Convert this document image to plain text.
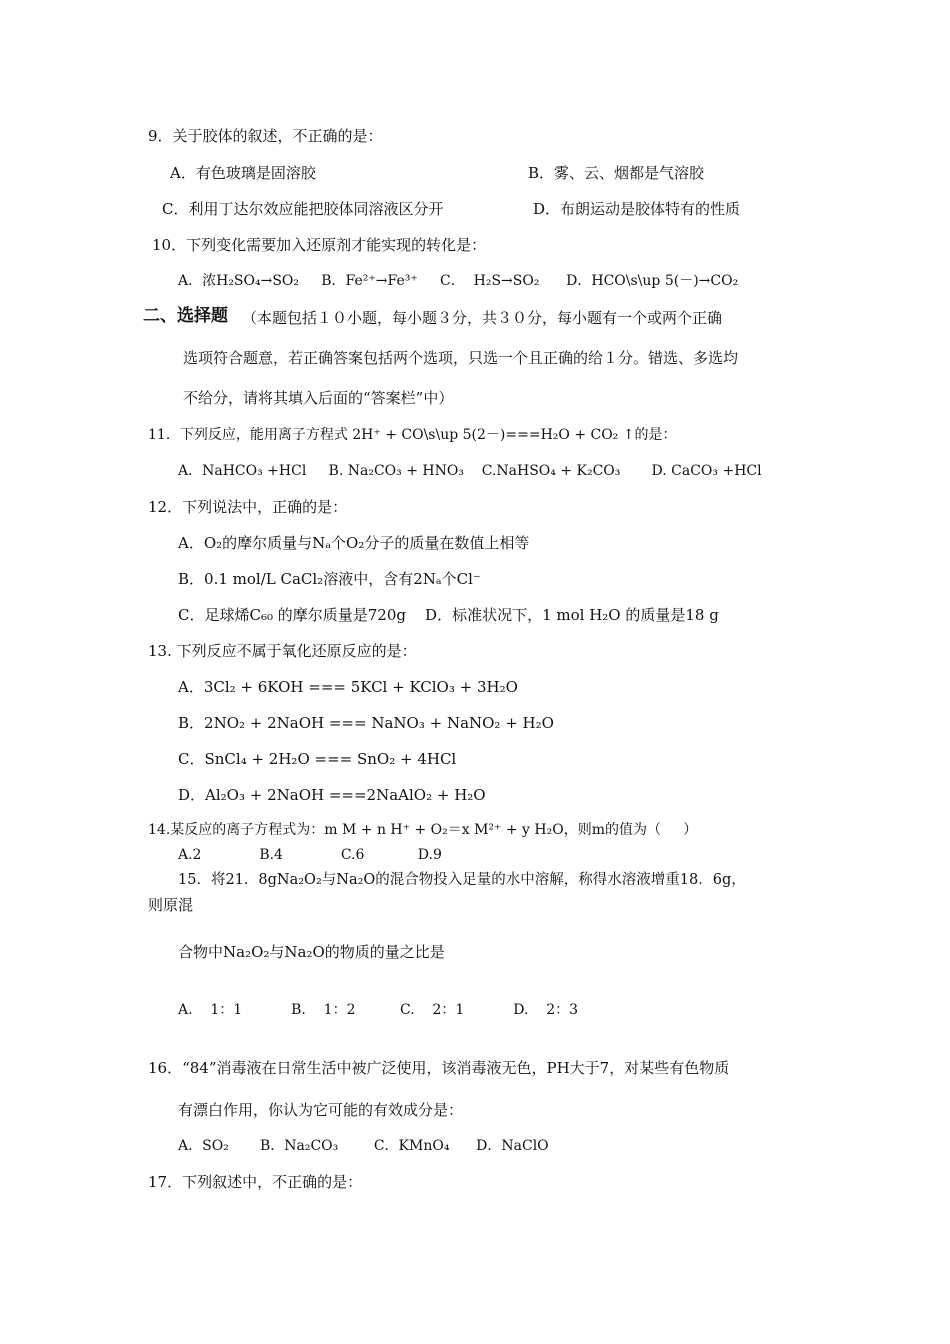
9．关于胶体的叙述，不正确的是：
A．有色玻璃是固溶胶	B．雾、云、烟都是气溶胶
C．利用丁达尔效应能把胶体同溶液区分开	D．布朗运动是胶体特有的性质
10．下列变化需要加入还原剂才能实现的转化是：
A．浓H₂SO₄→SO₂     B．Fe²⁺→Fe³⁺     C．  H₂S→SO₂      D．HCO\s\up 5(－)→CO₂
二、选择题 （本题包括１０小题，每小题３分，共３０分，每小题有一个或两个正确
选项符合题意，若正确答案包括两个选项，只选一个且正确的给１分。错选、多选均
不给分，请将其填入后面的“答案栏”中）
11．下列反应，能用离子方程式 2H⁺ + CO\s\up 5(2－)===H₂O + CO₂ ↑的是：
A．NaHCO₃ +HCl     B. Na₂CO₃ + HNO₃    C.NaHSO₄ + K₂CO₃       D. CaCO₃ +HCl
12．下列说法中，正确的是：
A．O₂的摩尔质量与Nₐ个O₂分子的质量在数值上相等
B．0.1 mol/L CaCl₂溶液中，含有2Nₐ个Cl⁻
C．足球烯C₆₀ 的摩尔质量是720g    D．标准状况下，1 mol H₂O 的质量是18 g
13. 下列反应不属于氧化还原反应的是：
A．3Cl₂ + 6KOH === 5KCl + KClO₃ + 3H₂O
B．2NO₂ + 2NaOH === NaNO₃ + NaNO₂ + H₂O
C．SnCl₄ + 2H₂O === SnO₂ + 4HCl
D．Al₂O₃ + 2NaOH ===2NaAlO₂ + H₂O
14.某反应的离子方程式为：m M + n H⁺ + O₂＝x M²⁺ + y H₂O，则m的值为（     ）
A.2             B.4             C.6            D.9
15．将21．8gNa₂O₂与Na₂O的混合物投入足量的水中溶解，称得水溶液增重18．6g，
则原混
合物中Na₂O₂与Na₂O的物质的量之比是
A.    1：1           B.    1：2          C.    2：1           D.    2：3
16．“84”消毒液在日常生活中被广泛使用，该消毒液无色，PH大于7，对某些有色物质
有漂白作用，你认为它可能的有效成分是：
A．SO₂       B．Na₂CO₃        C．KMnO₄      D．NaClO
17．下列叙述中，不正确的是：
